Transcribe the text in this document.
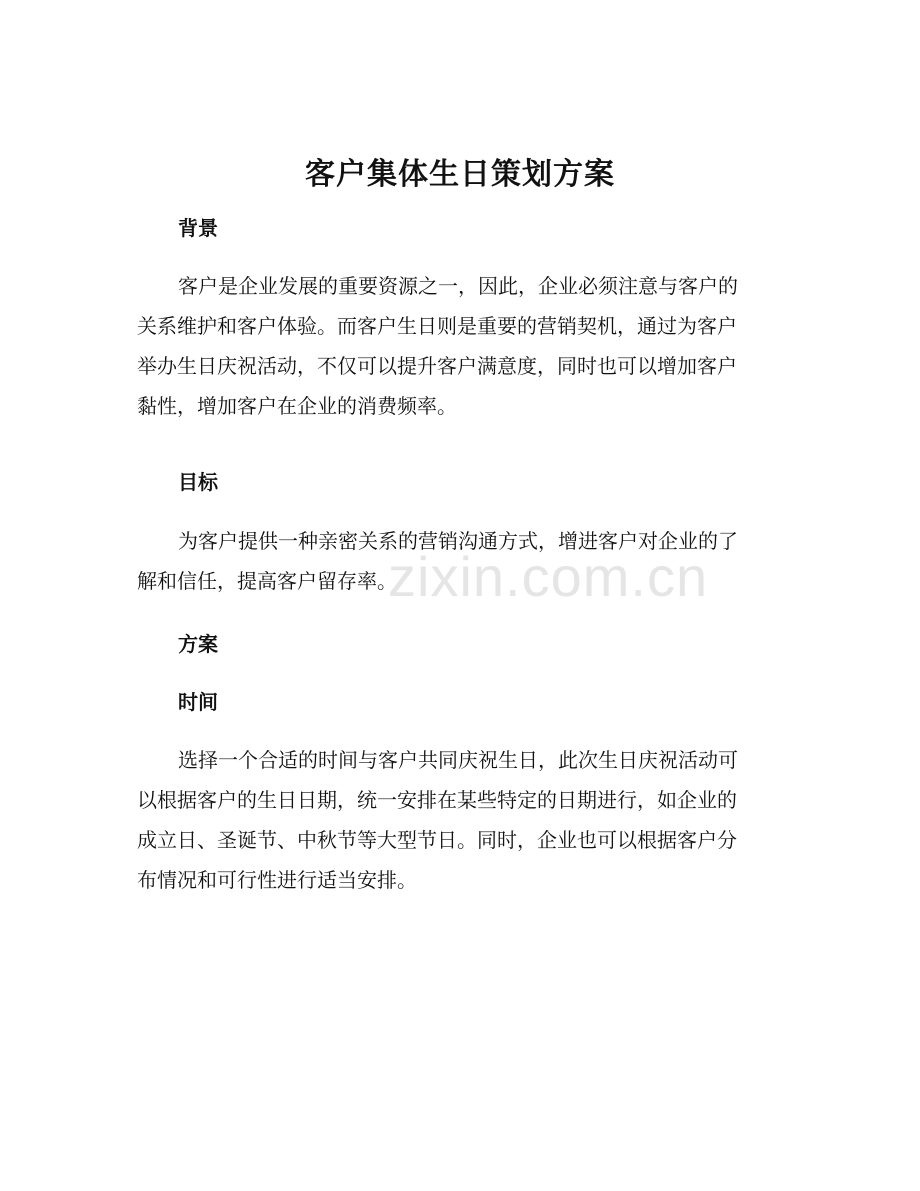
客户集体生日策划方案
背景
客户是企业发展的重要资源之一，因此，企业必须注意与客户的
关系维护和客户体验。而客户生日则是重要的营销契机，通过为客户
举办生日庆祝活动，不仅可以提升客户满意度，同时也可以增加客户
黏性，增加客户在企业的消费频率。
目标
为客户提供一种亲密关系的营销沟通方式，增进客户对企业的了
解和信任，提高客户留存率。
方案
时间
选择一个合适的时间与客户共同庆祝生日，此次生日庆祝活动可
以根据客户的生日日期，统一安排在某些特定的日期进行，如企业的
成立日、圣诞节、中秋节等大型节日。同时，企业也可以根据客户分
布情况和可行性进行适当安排。
zixin.com.cn
